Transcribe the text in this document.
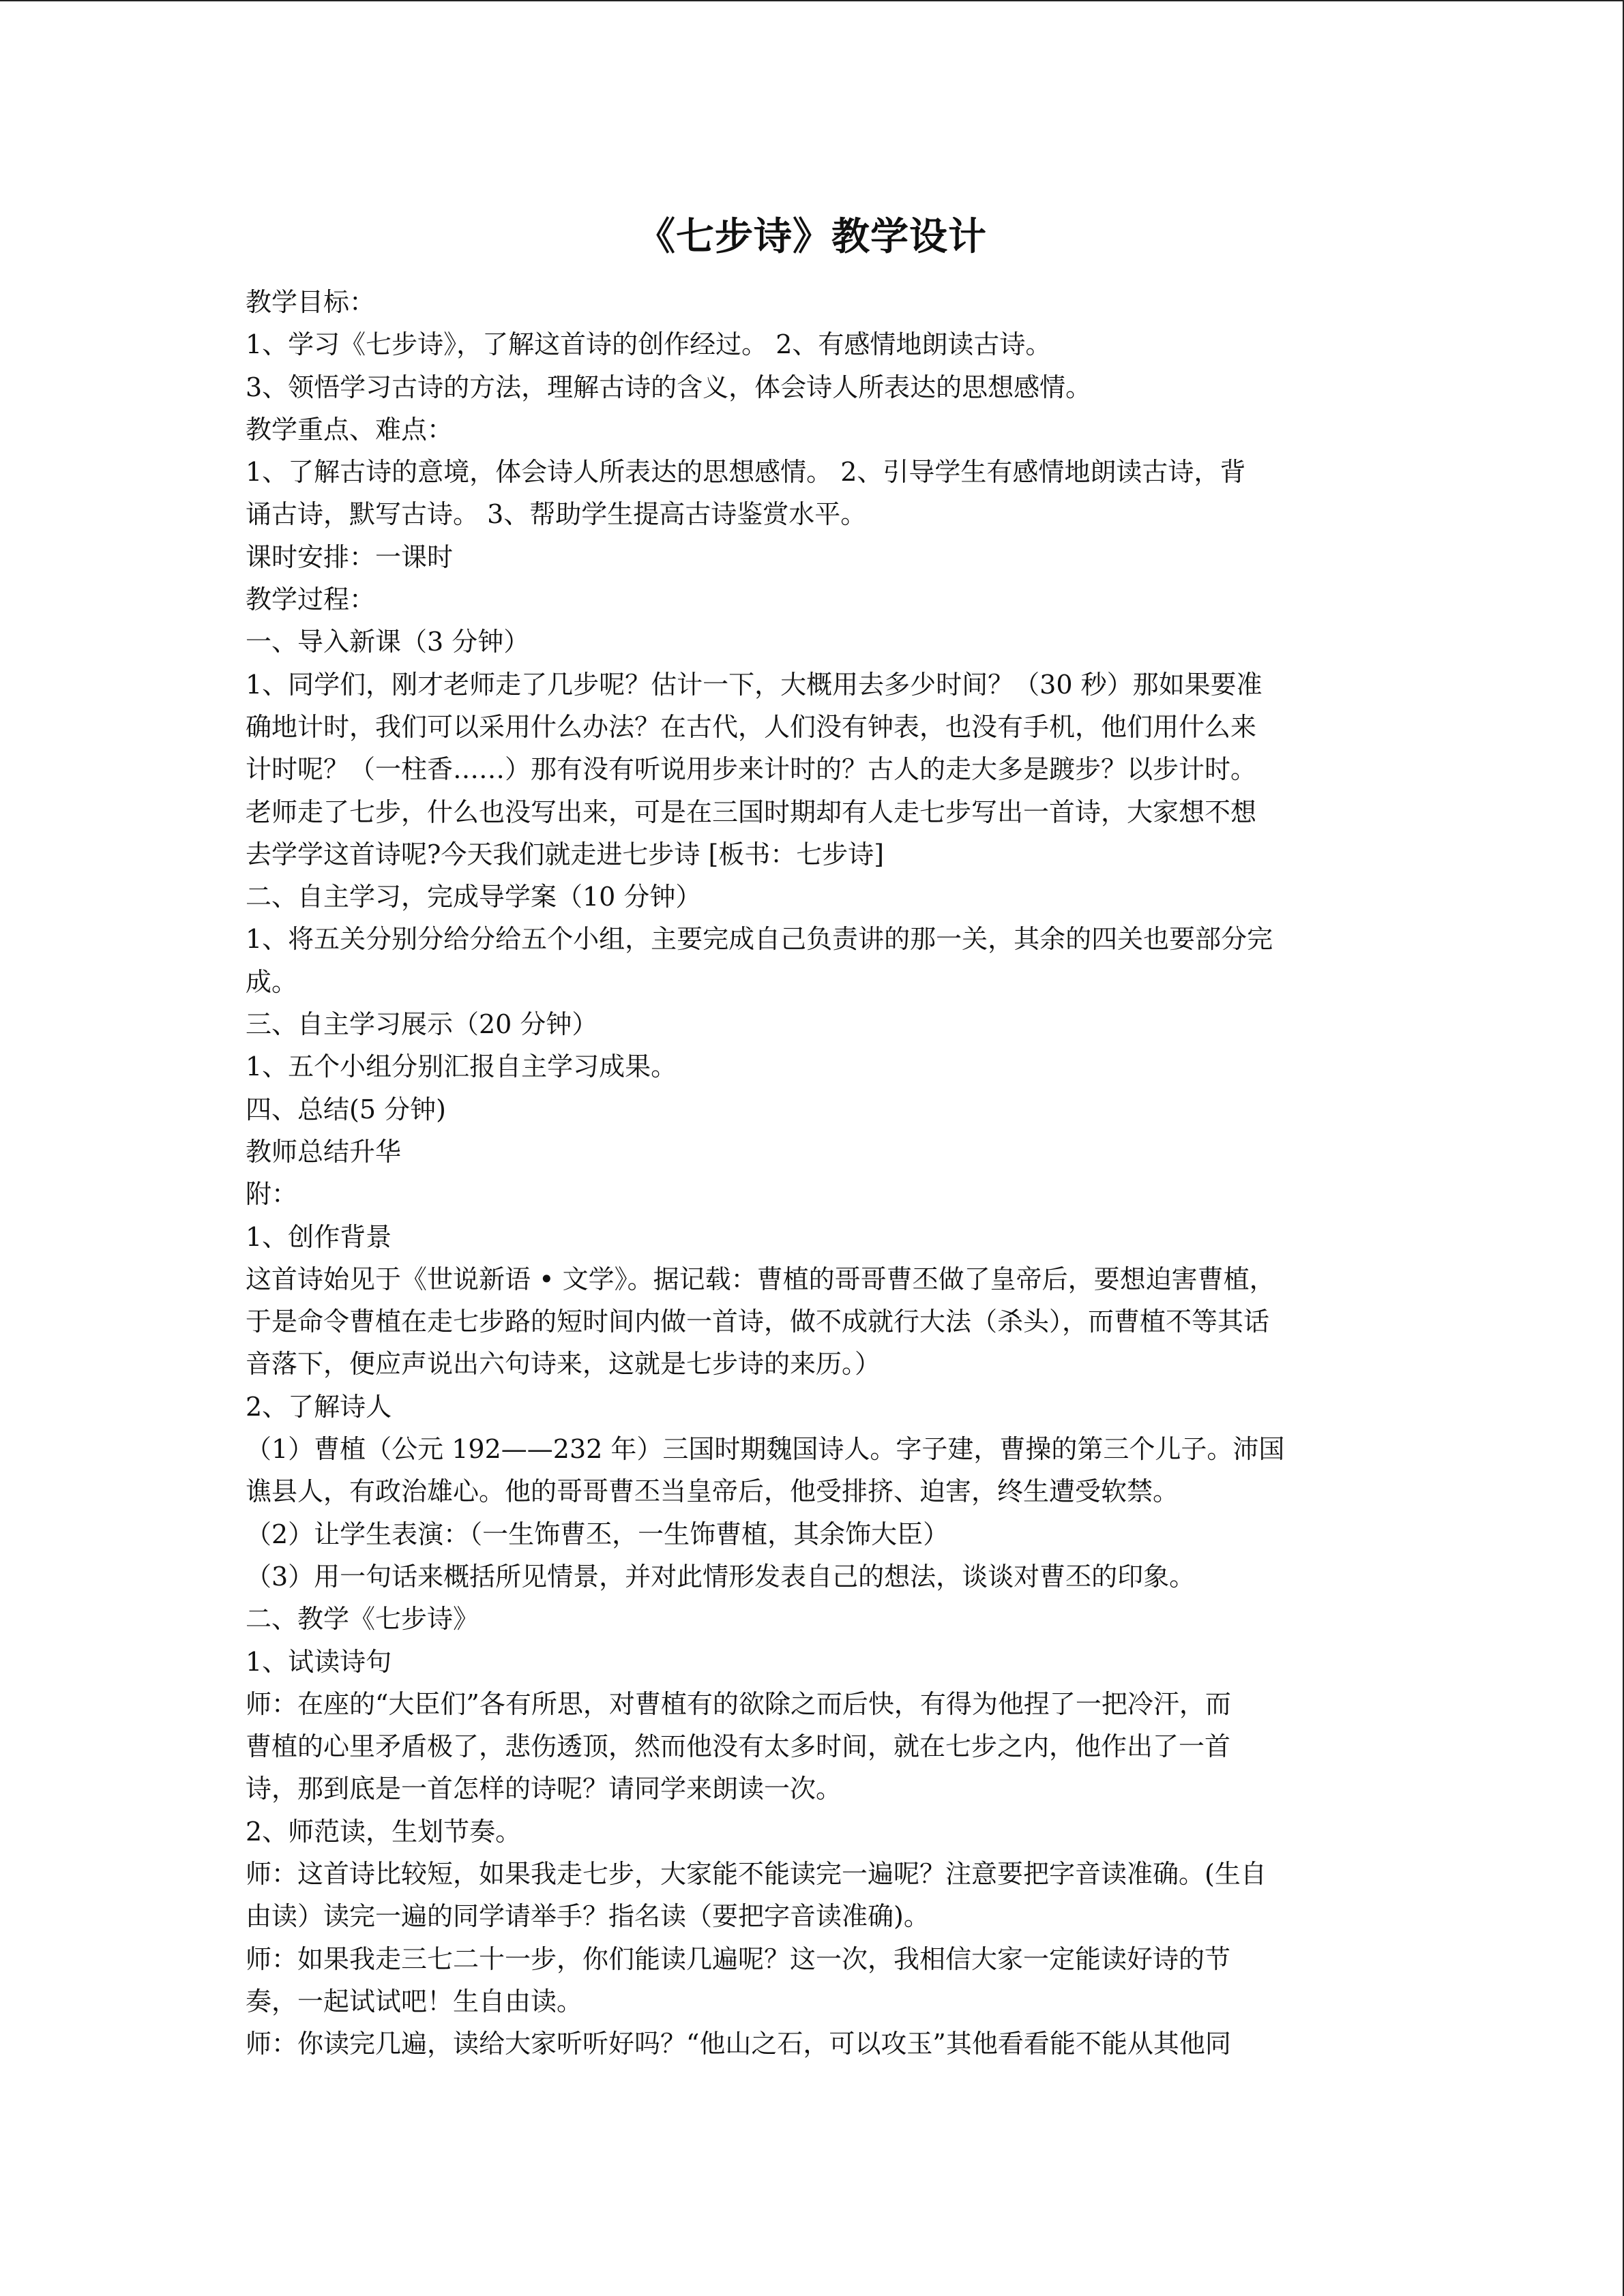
《七步诗》教学设计

教学目标：

1、学习《七步诗》，了解这首诗的创作经过。 2、有感情地朗读古诗。

3、领悟学习古诗的方法，理解古诗的含义，体会诗人所表达的思想感情。

教学重点、难点：

1、了解古诗的意境，体会诗人所表达的思想感情。 2、引导学生有感情地朗读古诗，背

诵古诗，默写古诗。 3、帮助学生提高古诗鉴赏水平。

课时安排：一课时

教学过程：

一、导入新课（3 分钟）

1、同学们，刚才老师走了几步呢？估计一下，大概用去多少时间？（30 秒）那如果要准

确地计时，我们可以采用什么办法？在古代，人们没有钟表，也没有手机，他们用什么来

计时呢？（一柱香……）那有没有听说用步来计时的？古人的走大多是踱步？以步计时。

老师走了七步，什么也没写出来，可是在三国时期却有人走七步写出一首诗，大家想不想

去学学这首诗呢?今天我们就走进七步诗 [板书：七步诗]

二、自主学习，完成导学案（10 分钟）

1、将五关分别分给分给五个小组，主要完成自己负责讲的那一关，其余的四关也要部分完

成。

三、自主学习展示（20 分钟）

1、五个小组分别汇报自主学习成果。

四、总结(5 分钟)

教师总结升华

附：

1、创作背景

这首诗始见于《世说新语 • 文学》。据记载：曹植的哥哥曹丕做了皇帝后，要想迫害曹植，

于是命令曹植在走七步路的短时间内做一首诗，做不成就行大法（杀头），而曹植不等其话

音落下，便应声说出六句诗来，这就是七步诗的来历。）

2、了解诗人

（1）曹植（公元 192——232 年）三国时期魏国诗人。字子建，曹操的第三个儿子。沛国

谯县人，有政治雄心。他的哥哥曹丕当皇帝后，他受排挤、迫害，终生遭受软禁。

（2）让学生表演：（一生饰曹丕，一生饰曹植，其余饰大臣）

（3）用一句话来概括所见情景，并对此情形发表自己的想法，谈谈对曹丕的印象。

二、教学《七步诗》

1、试读诗句

师：在座的“大臣们”各有所思，对曹植有的欲除之而后快，有得为他捏了一把冷汗，而

曹植的心里矛盾极了，悲伤透顶，然而他没有太多时间，就在七步之内，他作出了一首

诗，那到底是一首怎样的诗呢？请同学来朗读一次。

2、师范读，生划节奏。

师：这首诗比较短，如果我走七步，大家能不能读完一遍呢？注意要把字音读准确。(生自

由读）读完一遍的同学请举手？指名读（要把字音读准确)。

师：如果我走三七二十一步，你们能读几遍呢？这一次，我相信大家一定能读好诗的节

奏，一起试试吧！生自由读。

师：你读完几遍，读给大家听听好吗？“他山之石，可以攻玉”其他看看能不能从其他同
